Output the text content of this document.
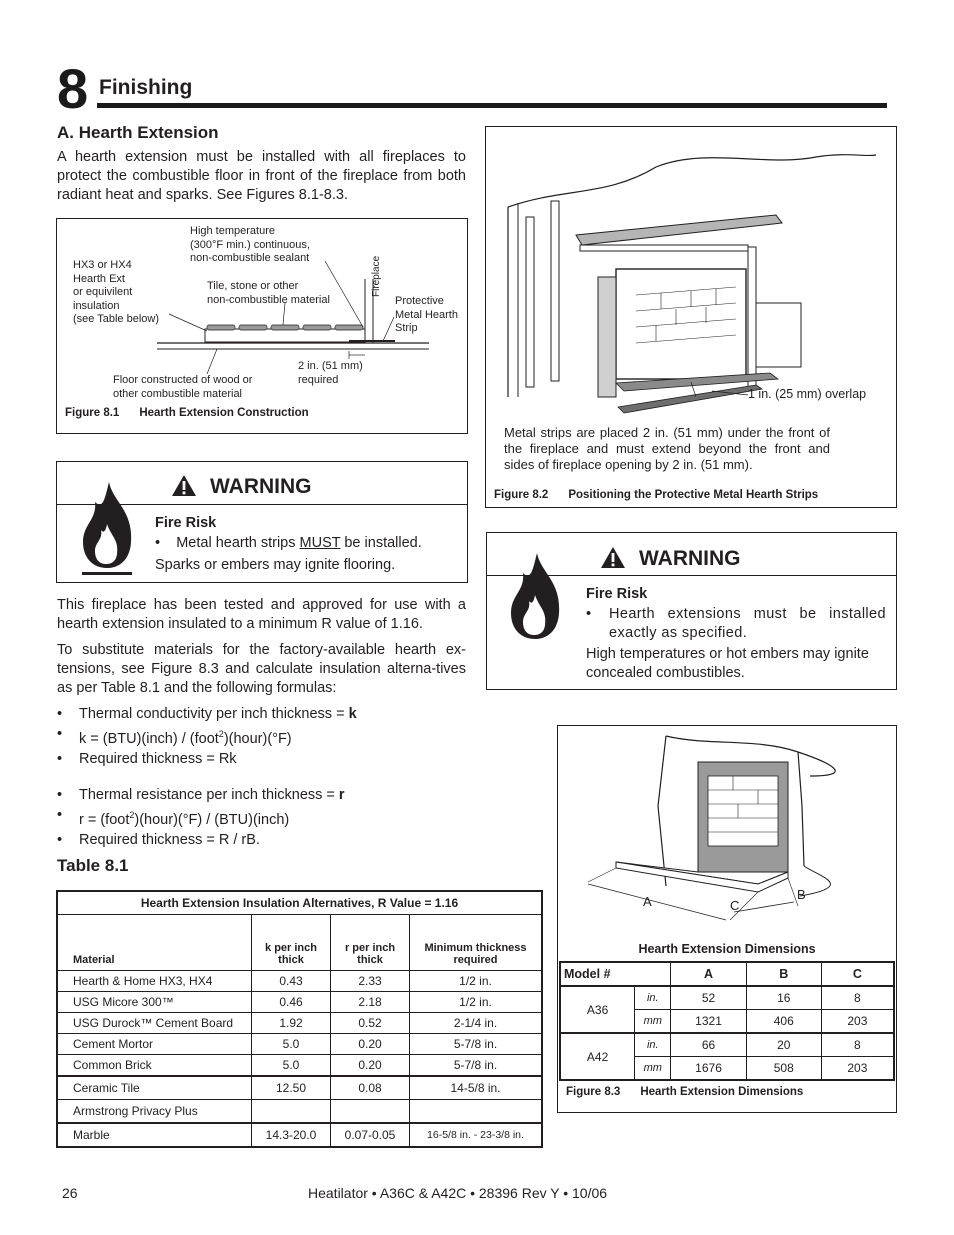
8 Finishing
A. Hearth Extension
A hearth extension must be installed with all fireplaces to protect the combustible floor in front of the fireplace from both radiant heat and sparks. See Figures 8.1-8.3.
HX3 or HX4
Hearth Ext
or equivilent
insulation
(see Table below)
High temperature
(300°F min.) continuous,
non-combustible sealant
Tile, stone or other
non-combustible material
Fireplace
Protective
Metal Hearth
Strip
2 in. (51 mm)
required
Floor constructed of wood or
other combustible material
Figure 8.1 Hearth Extension Construction
WARNING
Fire Risk
•    Metal hearth strips MUST be installed.
Sparks or embers may ignite flooring.
This fireplace has been tested and approved for use with a hearth extension insulated to a minimum R value of 1.16.
To substitute materials for the factory-available hearth ex-tensions, see Figure 8.3 and calculate insulation alterna-tives as per Table 8.1 and the following formulas:
•	Thermal conductivity per inch thickness = k
•	k = (BTU)(inch) / (foot$^2$)(hour)(°F)
•	Required thickness = Rk
•	Thermal resistance per inch thickness = r
•	r = (foot$^2$)(hour)(°F) / (BTU)(inch)
•	Required thickness = R / rB.
Table 8.1
Hearth Extension Insulation Alternatives, R Value = 1.16			
Material	k per inch thick	r per inch thick	Minimum thickness required
Hearth & Home HX3, HX4	0.43	2.33	1/2 in.
USG Micore 300™	0.46	2.18	1/2 in.
USG Durock™ Cement Board	1.92	0.52	2-1/4 in.
Cement Mortor	5.0	0.20	5-7/8 in.
Common Brick	5.0	0.20	5-7/8 in.
Ceramic Tile	12.50	0.08	14-5/8 in.
Armstrong Privacy Plus			
Marble	14.3-20.0	0.07-0.05	16-5/8 in. - 23-3/8 in.
1 in. (25 mm) overlap
Metal strips are placed 2 in. (51 mm) under the front of the fireplace and must extend beyond the front and sides of fireplace opening by 2 in. (51 mm).
Figure 8.2 Positioning the Protective Metal Hearth Strips
WARNING
Fire Risk
•	Hearth extensions must be installed exactly as specified.
High temperatures or hot embers may ignite concealed combustibles.
A	C
B
Hearth Extension Dimensions
Model #		A	B	C
A36	in.	52	16	8
	mm	1321	406	203
A42	in.	66	20	8
	mm	1676	508	203
Figure 8.3 Hearth Extension Dimensions
26	Heatilator • A36C & A42C • 28396 Rev Y • 10/06
